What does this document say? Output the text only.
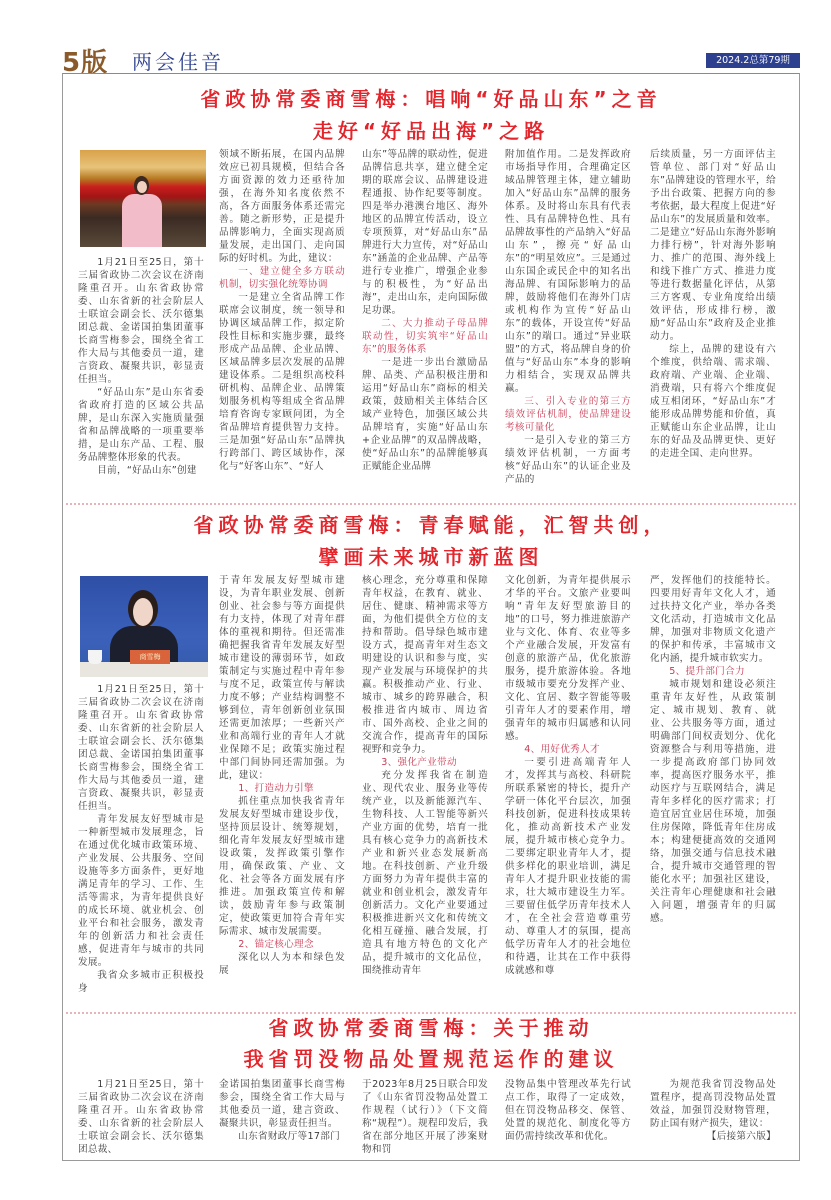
5版 两会佳音	2024.2总第79期
省政协常委商雪梅：唱响“好品山东”之音
走好“好品出海”之路
省政协常委商雪梅：青春赋能，汇智共创，
擘画未来城市新蓝图
商雪梅
省政协常委商雪梅：关于推动
我省罚没物品处置规范运作的建议

1月21日至25日，第十三届省政协二次会议在济南隆重召开。山东省政协常委、山东省新的社会阶层人士联谊会副会长、沃尔德集团总裁、金诺国拍集团董事长商雪梅参会，围绕全省工作大局与其他委员一道，建言资政、凝聚共识，彰显责任担当。

“好品山东”是山东省委省政府打造的区域公共品牌，是山东深入实施质量强省和品牌战略的一项重要举措，是山东产品、工程、服务品牌整体形象的代表。

目前，“好品山东”创建

领域不断拓展，在国内品牌效应已初具规模，但结合各方面资源的效力还亟待加强，在海外知名度依然不高，各方面服务体系还需完善。随之新形势，正是提升品牌影响力，全面实现高质量发展，走出国门、走向国际的好时机。为此，建议：

一、建立健全多方联动机制，切实强化统筹协调

一是建立全省品牌工作联席会议制度，统一领导和协调区域品牌工作，拟定阶段性目标和实施步骤，最终形成产品品牌、企业品牌、区域品牌多层次发展的品牌建设体系。二是组织高校科研机构、品牌企业、品牌策划服务机构等组成全省品牌培育咨询专家顾问团，为全省品牌培育提供智力支持。三是加强“好品山东”品牌执行跨部门、跨区域协作，深化与“好客山东”、“好人

山东”等品牌的联动性，促进品牌信息共享，建立健全定期的联席会议、品牌建设进程通报、协作纪要等制度。四是举办港澳台地区、海外地区的品牌宣传活动，设立专项预算，对“好品山东”品牌进行大力宣传，对“好品山东”涵盖的企业品牌、产品等进行专业推广，增强企业参与的积极性，为“好品出海”，走出山东，走向国际做足功课。

二、大力推动子母品牌联动性，切实筑牢“好品山东”的服务体系

一是进一步出台激励品牌、品类、产品积极注册和运用“好品山东”商标的相关政策，鼓励相关主体结合区域产业特色，加强区域公共品牌培育，实施“好品山东+企业品牌”的双品牌战略，使“好品山东”的品牌能够真正赋能企业品牌

附加值作用。二是发挥政府市场指导作用，合理确定区域品牌管理主体，建立辅助加入“好品山东”品牌的服务体系。及时将山东具有代表性、具有品牌特色性、具有品牌故事性的产品纳入“好品山东”，擦亮“好品山东”的“明星效应”。三是通过山东国企或民企中的知名出海品牌、有国际影响力的品牌，鼓励将他们在海外门店或机构作为宣传“好品山东”的载体，开设宣传“好品山东”的端口。通过“异业联盟”的方式，将品牌自身的价值与“好品山东”本身的影响力相结合，实现双品牌共赢。

三、引入专业的第三方绩效评估机制，使品牌建设考核可量化

一是引入专业的第三方绩效评估机制，一方面考核“好品山东”的认证企业及产品的

后续质量，另一方面评估主管单位、部门对“好品山东”品牌建设的管理水平，给予出台政策、把握方向的参考依据，最大程度上促进“好品山东”的发展质量和效率。二是建立“好品山东海外影响力排行榜”，针对海外影响力、推广的范围、海外线上和线下推广方式、推进力度等进行数据量化评估，从第三方客观、专业角度给出绩效评估，形成排行榜，激励“好品山东”政府及企业推动力。

综上，品牌的建设有六个维度，供给端、需求端、政府端、产业端、企业端、消费端，只有将六个维度促成互相闭环，“好品山东”才能形成品牌势能和价值，真正赋能山东企业品牌，让山东的好品及品牌更快、更好的走进全国、走向世界。

1月21日至25日，第十三届省政协二次会议在济南隆重召开。山东省政协常委、山东省新的社会阶层人士联谊会副会长、沃尔德集团总裁、金诺国拍集团董事长商雪梅参会，围绕全省工作大局与其他委员一道，建言资政、凝聚共识，彰显责任担当。

青年发展友好型城市是一种新型城市发展理念，旨在通过优化城市政策环境、产业发展、公共服务、空间设施等多方面条件，更好地满足青年的学习、工作、生活等需求，为青年提供良好的成长环境、就业机会、创业平台和社会服务，激发青年的创新活力和社会责任感，促进青年与城市的共同发展。

我省众多城市正积极投身

于青年发展友好型城市建设，为青年职业发展、创新创业、社会参与等方面提供有力支持，体现了对青年群体的重视和期待。但还需准确把握我省青年发展友好型城市建设的薄弱环节，如政策制定与实施过程中青年参与度不足，政策宣传与解读力度不够；产业结构调整不够到位，青年创新创业氛围还需更加浓厚；一些新兴产业和高端行业的青年人才就业保障不足；政策实施过程中部门间协同还需加强。为此，建议：

1、打造动力引擎

抓住重点加快我省青年发展友好型城市建设步伐，坚持顶层设计、统筹规划，细化青年发展友好型城市建设政策，发挥政策引擎作用，确保政策、产业、文化、社会等各方面发展有序推进。加强政策宣传和解读，鼓励青年参与政策制定，使政策更加符合青年实际需求、城市发展需要。

2、锚定核心理念

深化以人为本和绿色发展

核心理念，充分尊重和保障青年权益，在教育、就业、居住、健康、精神需求等方面，为他们提供全方位的支持和帮助。倡导绿色城市建设方式，提高青年对生态文明建设的认识和参与度，实现产业发展与环境保护的共赢。积极推动产业、行业、城市、城乡的跨界融合，积极推进省内城市、周边省市、国外高校、企业之间的交流合作，提高青年的国际视野和竞争力。

3、强化产业带动

充分发挥我省在制造业、现代农业、服务业等传统产业，以及新能源汽车、生物科技、人工智能等新兴产业方面的优势，培育一批具有核心竞争力的高新技术产业和新兴业态发展新高地。在科技创新、产业升级方面努力为青年提供丰富的就业和创业机会，激发青年创新活力。文化产业要通过积极推进新兴文化和传统文化相互碰撞、融合发展，打造具有地方特色的文化产品，提升城市的文化品位，围绕推动青年

文化创新，为青年提供展示才华的平台。文旅产业要叫响“青年友好型旅游目的地”的口号，努力推进旅游产业与文化、体育、农业等多个产业融合发展，开发富有创意的旅游产品，优化旅游服务，提升旅游体验。各地市级城市要充分发挥产业、文化、宜居、数字智能等吸引青年人才的要素作用，增强青年的城市归属感和认同感。

4、用好优秀人才

一要引进高端青年人才，发挥其与高校、科研院所联系紧密的特长，提升产学研一体化平台层次，加强科技创新，促进科技成果转化，推动高新技术产业发展，提升城市核心竞争力。二要绑定职业青年人才，提供多样化的职业培训，满足青年人才提升职业技能的需求，壮大城市建设生力军。三要留住低学历青年技术人才，在全社会营造尊重劳动、尊重人才的氛围，提高低学历青年人才的社会地位和待遇，让其在工作中获得成就感和尊

严，发挥他们的技能特长。四要用好青年文化人才，通过扶持文化产业，举办各类文化活动，打造城市文化品牌，加强对非物质文化遗产的保护和传承，丰富城市文化内涵，提升城市软实力。

5、提升部门合力

城市规划和建设必须注重青年友好性，从政策制定、城市规划、教育、就业、公共服务等方面，通过明确部门间权责划分、优化资源整合与利用等措施，进一步提高政府部门协同效率，提高医疗服务水平，推动医疗与互联网结合，满足青年多样化的医疗需求；打造宜居宜业居住环境，加强住房保障，降低青年住房成本；构建便捷高效的交通网络，加强交通与信息技术融合，提升城市交通管理的智能化水平；加强社区建设，关注青年心理健康和社会融入问题，增强青年的归属感。

1月21日至25日，第十三届省政协二次会议在济南隆重召开。山东省政协常委、山东省新的社会阶层人士联谊会副会长、沃尔德集团总裁、

金诺国拍集团董事长商雪梅参会，围绕全省工作大局与其他委员一道，建言资政、凝聚共识，彰显责任担当。

山东省财政厅等17部门

于2023年8月25日联合印发了《山东省罚没物品处置工作规程（试行）》（下文简称“规程”）。规程印发后，我省在部分地区开展了涉案财物和罚

没物品集中管理改革先行试点工作，取得了一定成效，但在罚没物品移交、保管、处置的规范化、制度化等方面仍需持续改革和优化。

为规范我省罚没物品处置程序，提高罚没物品处置效益，加强罚没财物管理，防止国有财产损失，建议：

【后接第六版】
